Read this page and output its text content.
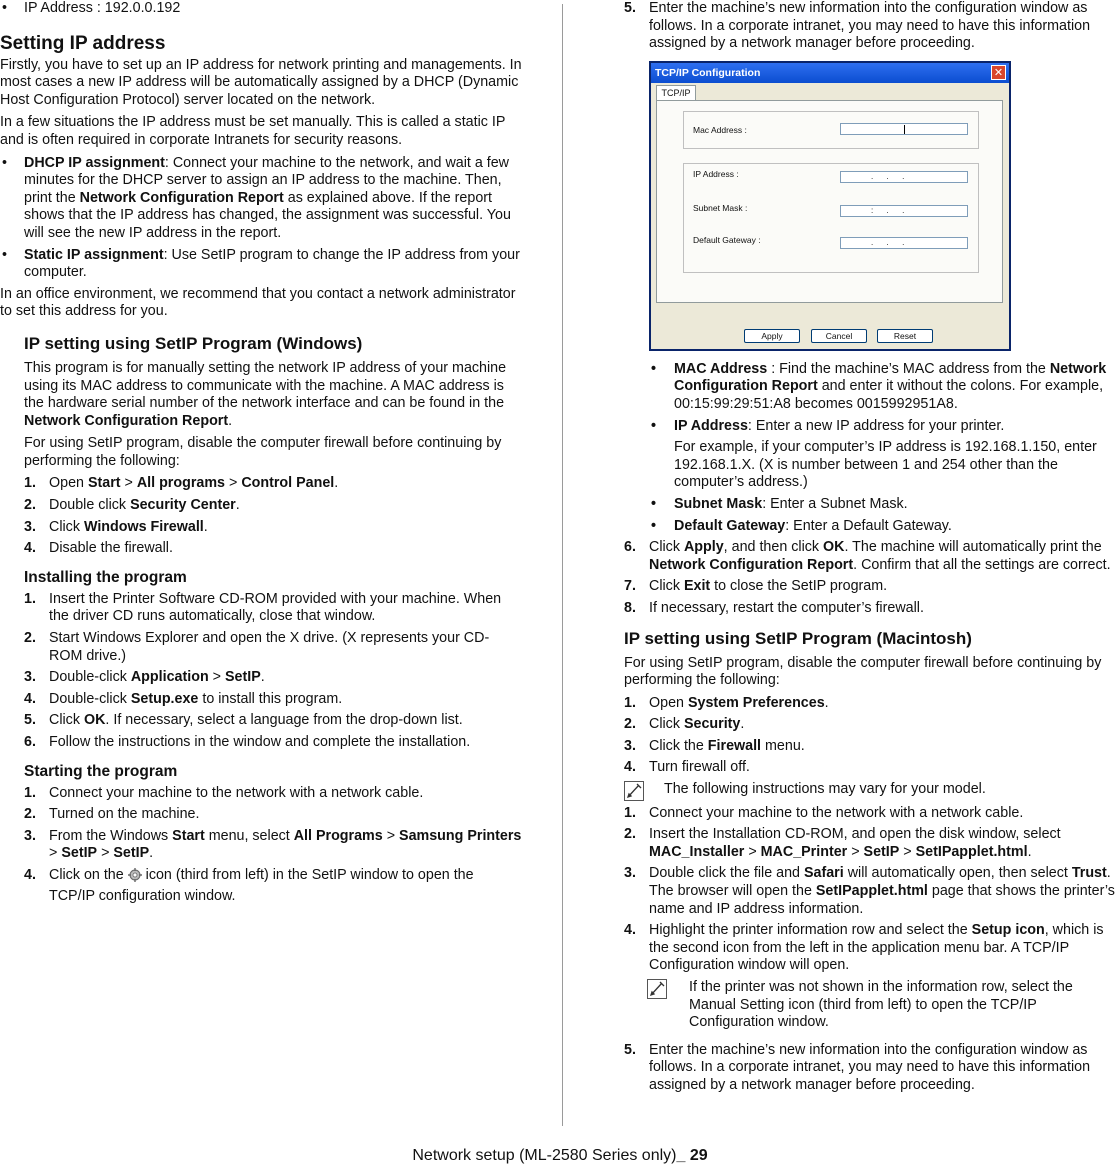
• IP Address : 192.0.0.192
Setting IP address

Firstly, you have to set up an IP address for network printing and managements. In most cases a new IP address will be automatically assigned by a DHCP (Dynamic Host Configuration Protocol) server located on the network.

In a few situations the IP address must be set manually. This is called a static IP and is often required in corporate Intranets for security reasons.

• DHCP IP assignment: Connect your machine to the network, and wait a few minutes for the DHCP server to assign an IP address to the machine. Then, print the Network Configuration Report as explained above. If the report shows that the IP address has changed, the assignment was successful. You will see the new IP address in the report.
• Static IP assignment: Use SetIP program to change the IP address from your computer.

In an office environment, we recommend that you contact a network administrator to set this address for you.

IP setting using SetIP Program (Windows)

This program is for manually setting the network IP address of your machine using its MAC address to communicate with the machine. A MAC address is the hardware serial number of the network interface and can be found in the Network Configuration Report.

For using SetIP program, disable the computer firewall before continuing by performing the following:

1. Open Start > All programs > Control Panel.
2. Double click Security Center.
3. Click Windows Firewall.
4. Disable the firewall.
Installing the program
1. Insert the Printer Software CD-ROM provided with your machine. When the driver CD runs automatically, close that window.
2. Start Windows Explorer and open the X drive. (X represents your CD-ROM drive.)
3. Double-click Application > SetIP.
4. Double-click Setup.exe to install this program.
5. Click OK. If necessary, select a language from the drop-down list.
6. Follow the instructions in the window and complete the installation.
Starting the program
1. Connect your machine to the network with a network cable.
2. Turned on the machine.
3. From the Windows Start menu, select All Programs > Samsung Printers > SetIP > SetIP.
4. Click on the  icon (third from left) in the SetIP window to open the TCP/IP configuration window.
5. Enter the machine’s new information into the configuration window as follows. In a corporate intranet, you may need to have this information assigned by a network manager before proceeding.
TCP/IP Configuration	✕
TCP/IP
Mac Address :
IP Address :	.      .      .
Subnet Mask :	:      .      .
Default Gateway :	.      .      .
Apply	Cancel	Reset
• MAC Address : Find the machine’s MAC address from the Network Configuration Report and enter it without the colons. For example, 00:15:99:29:51:A8 becomes 0015992951A8.
• IP Address: Enter a new IP address for your printer.
For example, if your computer’s IP address is 192.168.1.150, enter 192.168.1.X. (X is number between 1 and 254 other than the computer’s address.)
• Subnet Mask: Enter a Subnet Mask.
• Default Gateway: Enter a Default Gateway.
6. Click Apply, and then click OK. The machine will automatically print the Network Configuration Report. Confirm that all the settings are correct.
7. Click Exit to close the SetIP program.
8. If necessary, restart the computer’s firewall.
IP setting using SetIP Program (Macintosh)

For using SetIP program, disable the computer firewall before continuing by performing the following:

1. Open System Preferences.
2. Click Security.
3. Click the Firewall menu.
4. Turn firewall off.
The following instructions may vary for your model.
1. Connect your machine to the network with a network cable.
2. Insert the Installation CD-ROM, and open the disk window, select MAC_Installer > MAC_Printer > SetIP > SetIPapplet.html.
3. Double click the file and Safari will automatically open, then select Trust. The browser will open the SetIPapplet.html page that shows the printer’s name and IP address information.
4. Highlight the printer information row and select the Setup icon, which is the second icon from the left in the application menu bar. A TCP/IP Configuration window will open.
If the printer was not shown in the information row, select the Manual Setting icon (third from left) to open the TCP/IP Configuration window.
5. Enter the machine’s new information into the configuration window as follows. In a corporate intranet, you may need to have this information assigned by a network manager before proceeding.
Network setup (ML-2580 Series only)_ 29
